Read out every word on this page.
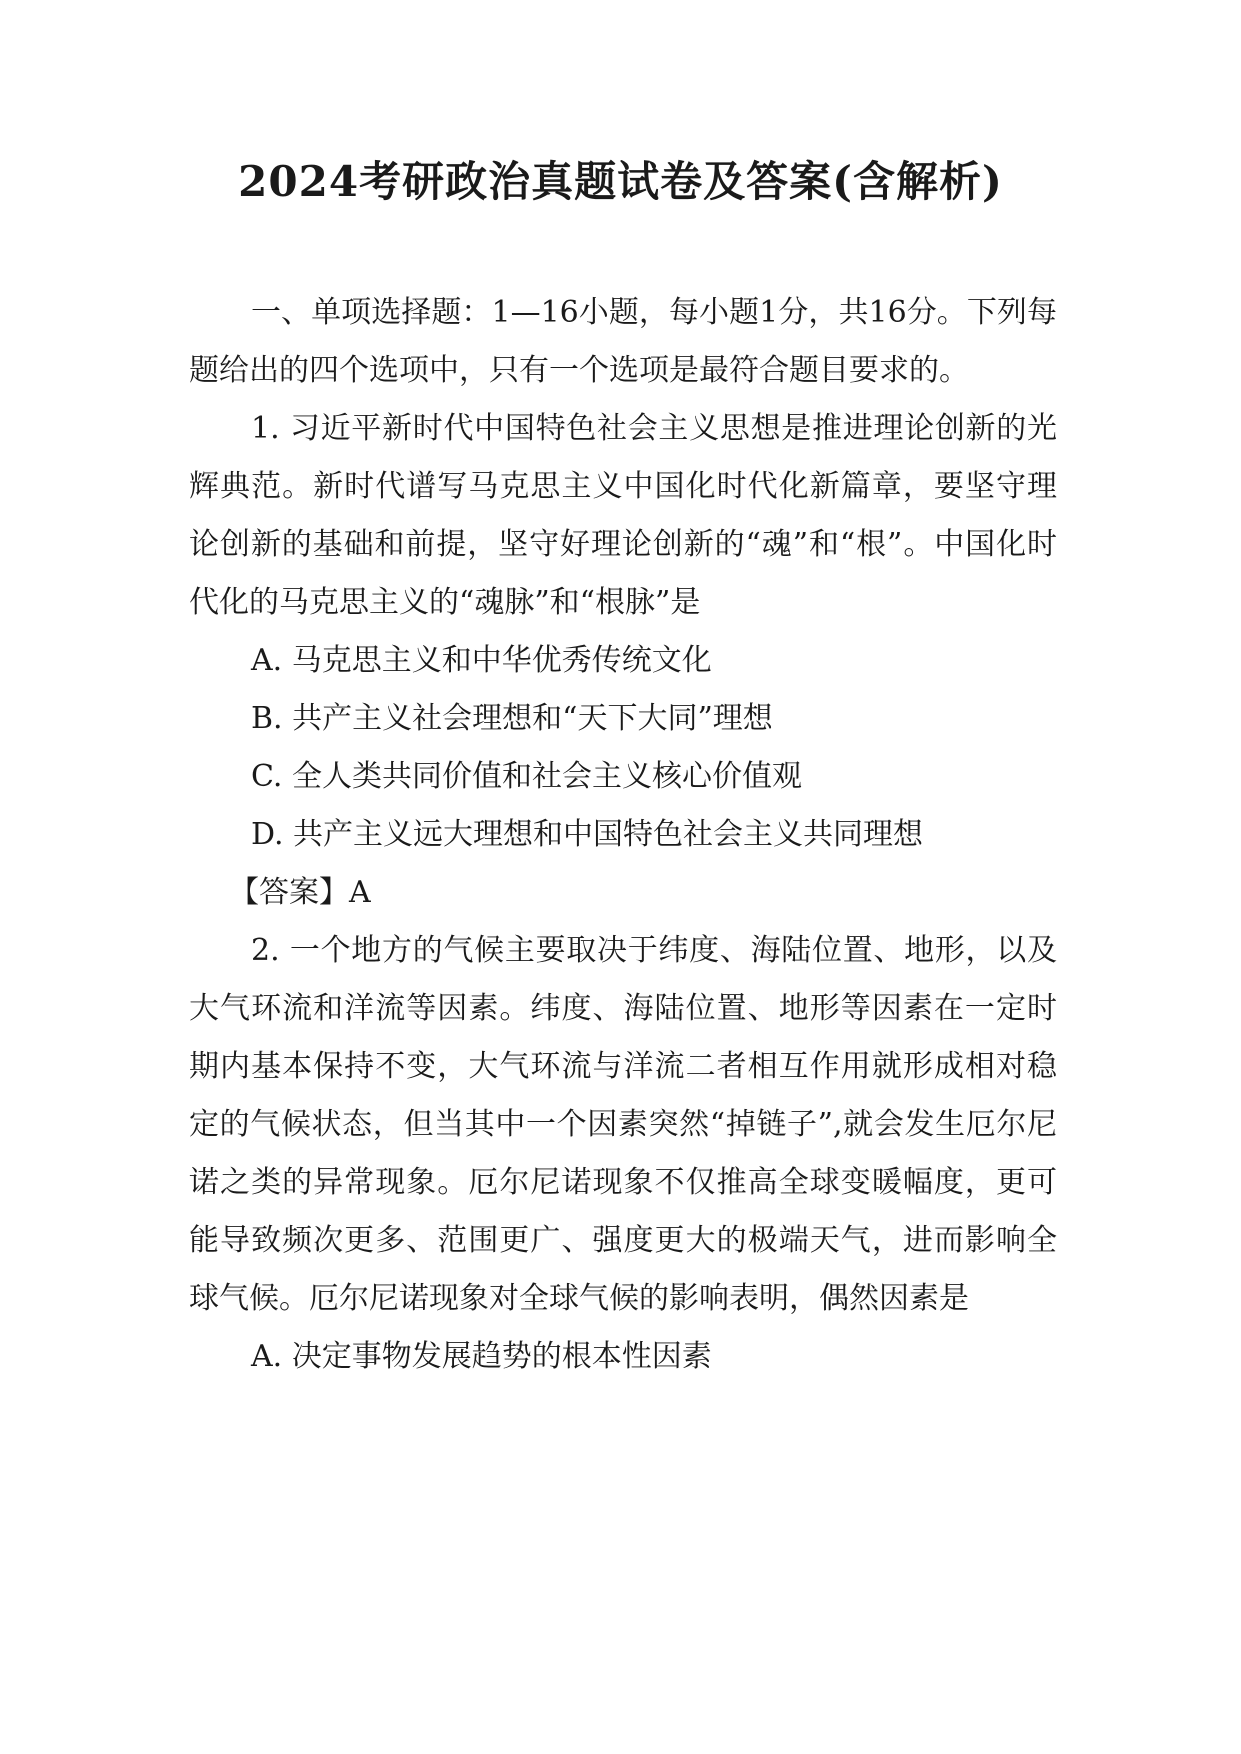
2024考研政治真题试卷及答案(含解析)

一、单项选择题：1—16小题，每小题1分，共16分。下列每题给出的四个选项中，只有一个选项是最符合题目要求的。

1. 习近平新时代中国特色社会主义思想是推进理论创新的光辉典范。新时代谱写马克思主义中国化时代化新篇章，要坚守理论创新的基础和前提，坚守好理论创新的“魂”和“根”。中国化时代化的马克思主义的“魂脉”和“根脉”是

A. 马克思主义和中华优秀传统文化

B. 共产主义社会理想和“天下大同”理想

C. 全人类共同价值和社会主义核心价值观

D. 共产主义远大理想和中国特色社会主义共同理想

【答案】A

2. 一个地方的气候主要取决于纬度、海陆位置、地形，以及大气环流和洋流等因素。纬度、海陆位置、地形等因素在一定时期内基本保持不变，大气环流与洋流二者相互作用就形成相对稳定的气候状态，但当其中一个因素突然“掉链子”,就会发生厄尔尼诺之类的异常现象。厄尔尼诺现象不仅推高全球变暖幅度，更可能导致频次更多、范围更广、强度更大的极端天气，进而影响全球气候。厄尔尼诺现象对全球气候的影响表明，偶然因素是

A. 决定事物发展趋势的根本性因素
